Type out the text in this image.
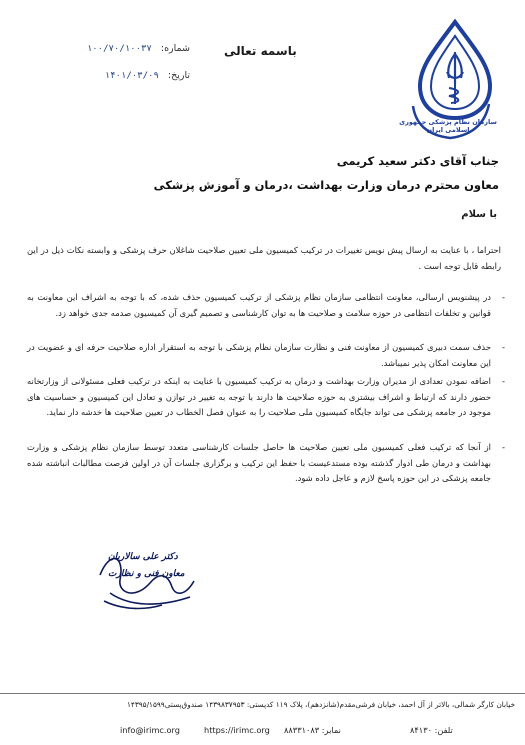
سازمان نظام پزشکی جمهوری اسلامی ایران
باسمه تعالی
شماره: ۱۰۰/۷۰/۱۰۰۳۷
تاریخ: ۱۴۰۱/۰۳/۰۹
جناب آقای دکتر سعید کریمی
معاون محترم درمان وزارت بهداشت ،درمان و آموزش پزشکی
با سلام
احتراما ، با عنایت به ارسال پیش نویس تغییرات در ترکیب کمیسیون ملی تعیین صلاحیت شاغلان حرف پزشکی و وابسته نکات ذیل در این رابطه قابل توجه است .
-
در پیشنویس ارسالی، معاونت انتظامی سازمان نظام پزشکی از ترکیب کمیسیون حذف شده، که با توجه به اشراف این معاونت به قوانین و تخلفات انتظامی در حوزه سلامت و صلاحیت ها به توان کارشناسی و تصمیم گیری آن کمیسیون صدمه جدی خواهد زد.
-
حذف سمت دبیری کمیسیون از معاونت فنی و نظارت سازمان نظام پزشکی با توجه به استقرار اداره صلاحیت حرفه ای و عضویت در این معاونت امکان پذیر نمیباشد.
-
اضافه نمودن تعدادی از مدیران وزارت بهداشت و درمان به ترکیب کمیسیون با عنایت به اینکه در ترکیب فعلی مسئولانی از وزارتخانه حضور دارند که ارتباط و اشراف بیشتری به حوزه صلاحیت ها دارند با توجه به تغییر در توازن و تعادل این کمیسیون و حساسیت های موجود در جامعه پزشکی می تواند جایگاه کمیسیون ملی صلاحیت را به عنوان فصل الخطاب در تعیین صلاحیت ها خدشه دار نماید.
-
از آنجا که ترکیب فعلی کمیسیون ملی تعیین صلاحیت ها حاصل جلسات کارشناسی متعدد توسط سازمان نظام پزشکی و وزارت بهداشت و درمان طی ادوار گذشته بوده مستدعیست با حفظ این ترکیب و برگزاری جلسات آن در اولین فرصت مطالبات انباشته شده جامعه پزشکی در این حوزه پاسخ لازم و عاجل داده شود.
دکتر علی سالاریان
معاون فنی و نظارت
خیابان کارگر شمالی، بالاتر از آل احمد، خیابان فرشی‌مقدم(شانزدهم)، پلاک ۱۱۹ کدپستی: ۱۴۳۹۸۳۷۹۵۳ صندوق‌پستی۱۴۳۹۵/۱۵۹۹
info@irimc.org	https://irimc.org نمابر: ۸۸۳۳۱۰۸۳	تلفن: ۸۴۱۳۰
